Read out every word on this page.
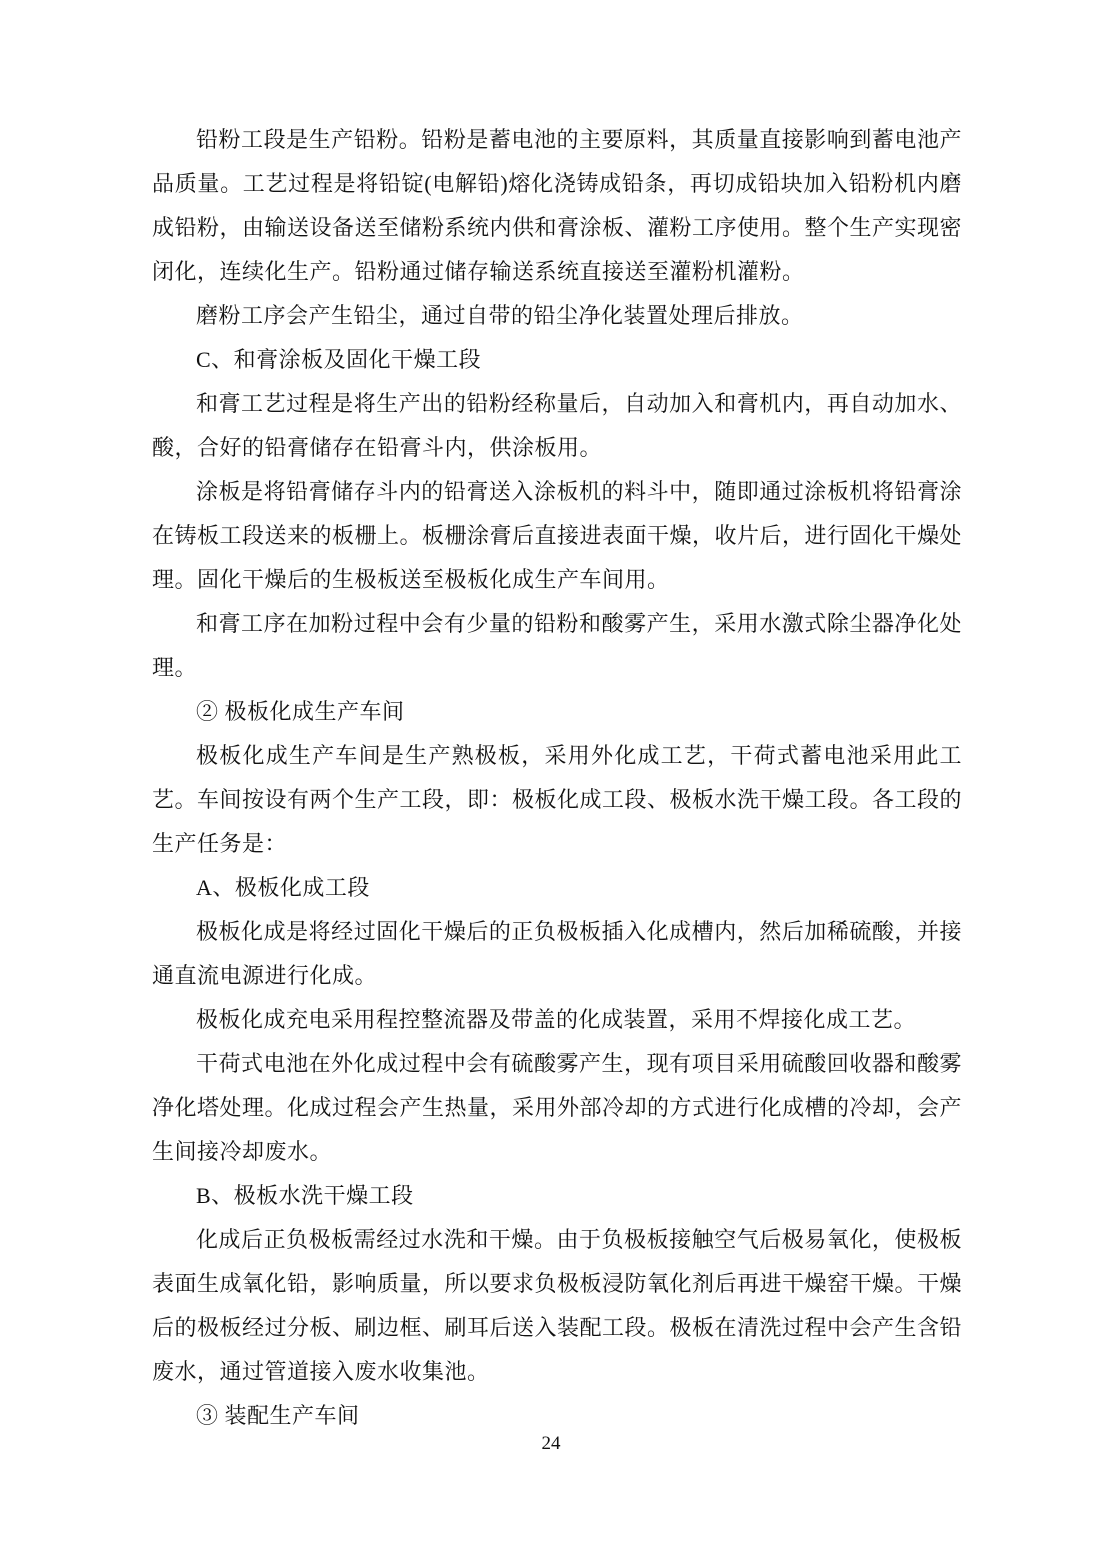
铅粉工段是生产铅粉。铅粉是蓄电池的主要原料，其质量直接影响到蓄电池产品质量。工艺过程是将铅锭(电解铅)熔化浇铸成铅条，再切成铅块加入铅粉机内磨成铅粉，由输送设备送至储粉系统内供和膏涂板、灌粉工序使用。整个生产实现密闭化，连续化生产。铅粉通过储存输送系统直接送至灌粉机灌粉。

磨粉工序会产生铅尘，通过自带的铅尘净化装置处理后排放。

C、和膏涂板及固化干燥工段

和膏工艺过程是将生产出的铅粉经称量后，自动加入和膏机内，再自动加水、酸，合好的铅膏储存在铅膏斗内，供涂板用。

涂板是将铅膏储存斗内的铅膏送入涂板机的料斗中，随即通过涂板机将铅膏涂在铸板工段送来的板栅上。板栅涂膏后直接进表面干燥，收片后，进行固化干燥处理。固化干燥后的生极板送至极板化成生产车间用。

和膏工序在加粉过程中会有少量的铅粉和酸雾产生，采用水激式除尘器净化处理。

② 极板化成生产车间

极板化成生产车间是生产熟极板，采用外化成工艺，干荷式蓄电池采用此工艺。车间按设有两个生产工段，即：极板化成工段、极板水洗干燥工段。各工段的生产任务是：

A、极板化成工段

极板化成是将经过固化干燥后的正负极板插入化成槽内，然后加稀硫酸，并接通直流电源进行化成。

极板化成充电采用程控整流器及带盖的化成装置，采用不焊接化成工艺。

干荷式电池在外化成过程中会有硫酸雾产生，现有项目采用硫酸回收器和酸雾净化塔处理。化成过程会产生热量，采用外部冷却的方式进行化成槽的冷却，会产生间接冷却废水。

B、极板水洗干燥工段

化成后正负极板需经过水洗和干燥。由于负极板接触空气后极易氧化，使极板表面生成氧化铅，影响质量，所以要求负极板浸防氧化剂后再进干燥窑干燥。干燥后的极板经过分板、刷边框、刷耳后送入装配工段。极板在清洗过程中会产生含铅废水，通过管道接入废水收集池。

③ 装配生产车间

24
